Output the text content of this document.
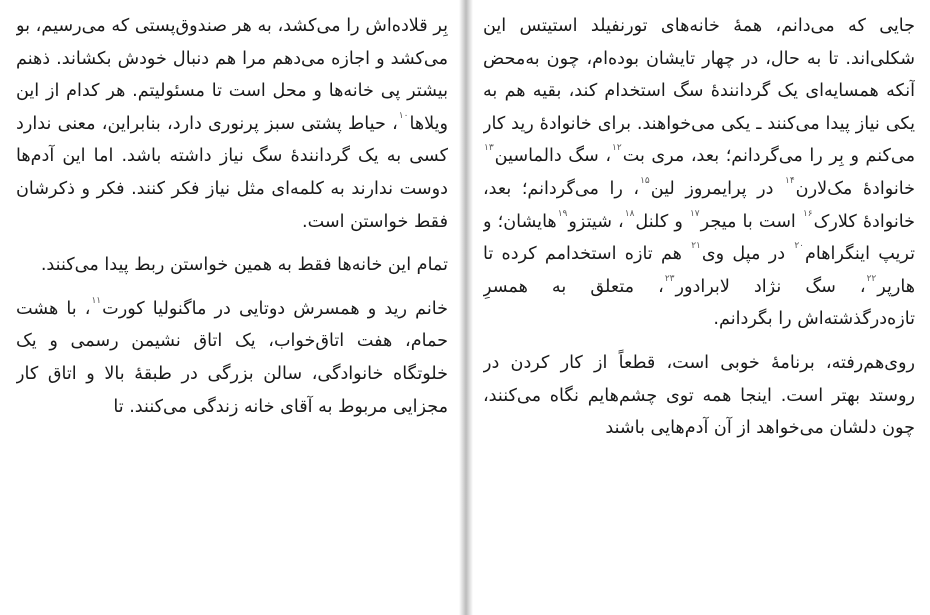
بِر قلاده‌اش را می‌کشد، به هر صندوق‌پستی که می‌رسیم، بو می‌کشد و اجازه می‌دهم مرا هم دنبال خودش بکشاند. ذهنم بیشتر پی خانه‌ها و محل است تا مسئولیتم. هر کدام از این ویلاها$^{۱۰}$، حیاط پشتی سبز پرنوری دارد، بنابراین، معنی ندارد کسی به یک گرداننده‌ٔ سگ نیاز داشته باشد. اما این آدم‌ها دوست ندارند به کلمه‌ای مثل نیاز فکر کنند. فکر و ذکرشان فقط خواستن است.

تمام این خانه‌ها فقط به همین خواستن ربط پیدا می‌کنند.

خانم رید و همسرش دوتایی در ماگنولیا کورت$^{۱۱}$، با هشت حمام، هفت اتاق‌خواب، یک اتاق نشیمن رسمی و یک خلوتگاه خانوادگی، سالن بزرگی در طبقه‌ٔ بالا و اتاق کار مجزایی مربوط به آقای خانه زندگی می‌کنند. تا

جایی که می‌دانم، همهٔ خانه‌های تورنفیلد استیتس این شکلی‌اند. تا به حال، در چهار تایشان بوده‌ام، چون به‌محض آنکه همسایه‌ای یک گرداننده‌ٔ سگ استخدام کند، بقیه هم به یکی نیاز پیدا می‌کنند ـ یکی می‌خواهند. برای خانوادهٔ رید کار می‌کنم و بِر را می‌گردانم؛ بعد، مری بت$^{۱۲}$، سگ دالماسین$^{۱۳}$ خانوادهٔ مک‌لارن$^{۱۴}$ در پرایمروز لین$^{۱۵}$، را می‌گردانم؛ بعد، خانوادهٔ کلارک$^{۱۶}$ است با میجر$^{۱۷}$ و کلنل$^{۱۸}$، شیتزو$^{۱۹}$هایشان؛ و تریپ اینگراهام$^{۲۰}$ در مپل وی$^{۲۱}$ هم تازه استخدامم کرده تا هارپر$^{۲۲}$، سگ نژاد لابرادور$^{۲۳}$، متعلق به همسرِ تازه‌درگذشته‌اش را بگردانم.

روی‌هم‌رفته، برنامهٔ خوبی است، قطعاً از کار کردن در روستد بهتر است. اینجا همه توی چشم‌هایم نگاه می‌کنند، چون دلشان می‌خواهد از آن آدم‌هایی باشند
